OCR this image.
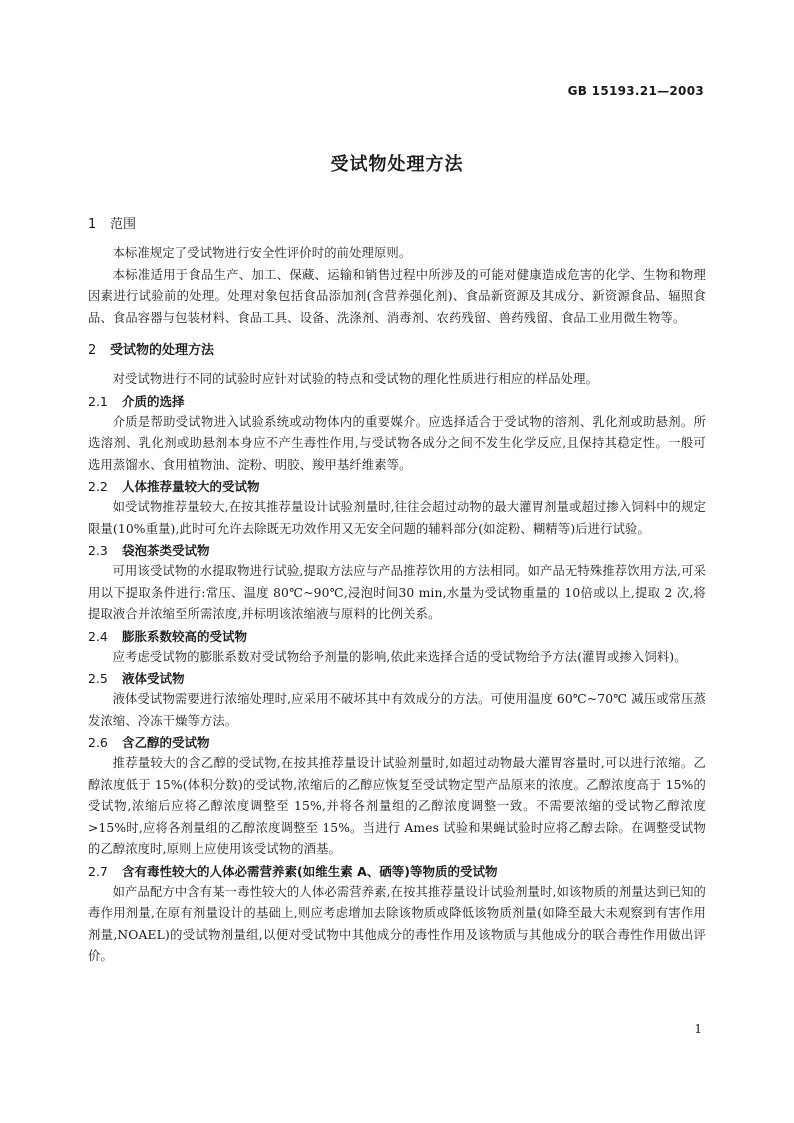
GB 15193.21—2003
受试物处理方法
1 范围

本标准规定了受试物进行安全性评价时的前处理原则。

本标准适用于食品生产、加工、保藏、运输和销售过程中所涉及的可能对健康造成危害的化学、生物和物理因素进行试验前的处理。处理对象包括食品添加剂(含营养强化剂)、食品新资源及其成分、新资源食品、辐照食品、食品容器与包装材料、食品工具、设备、洗涤剂、消毒剂、农药残留、兽药残留、食品工业用微生物等。

2 受试物的处理方法

对受试物进行不同的试验时应针对试验的特点和受试物的理化性质进行相应的样品处理。

2.1 介质的选择

介质是帮助受试物进入试验系统或动物体内的重要媒介。应选择适合于受试物的溶剂、乳化剂或助悬剂。所选溶剂、乳化剂或助悬剂本身应不产生毒性作用,与受试物各成分之间不发生化学反应,且保持其稳定性。一般可选用蒸馏水、食用植物油、淀粉、明胶、羧甲基纤维素等。

2.2 人体推荐量较大的受试物

如受试物推荐量较大,在按其推荐量设计试验剂量时,往往会超过动物的最大灌胃剂量或超过掺入饲料中的规定限量(10%重量),此时可允许去除既无功效作用又无安全问题的辅料部分(如淀粉、糊精等)后进行试验。

2.3 袋泡茶类受试物

可用该受试物的水提取物进行试验,提取方法应与产品推荐饮用的方法相同。如产品无特殊推荐饮用方法,可采用以下提取条件进行:常压、温度 80℃~90℃,浸泡时间30 min,水量为受试物重量的 10倍或以上,提取 2 次,将提取液合并浓缩至所需浓度,并标明该浓缩液与原料的比例关系。

2.4 膨胀系数较高的受试物

应考虑受试物的膨胀系数对受试物给予剂量的影响,依此来选择合适的受试物给予方法(灌胃或掺入饲料)。

2.5 液体受试物

液体受试物需要进行浓缩处理时,应采用不破坏其中有效成分的方法。可使用温度 60℃~70℃ 减压或常压蒸发浓缩、冷冻干燥等方法。

2.6 含乙醇的受试物

推荐量较大的含乙醇的受试物,在按其推荐量设计试验剂量时,如超过动物最大灌胃容量时,可以进行浓缩。乙醇浓度低于 15%(体积分数)的受试物,浓缩后的乙醇应恢复至受试物定型产品原来的浓度。乙醇浓度高于 15%的受试物,浓缩后应将乙醇浓度调整至 15%,并将各剂量组的乙醇浓度调整一致。不需要浓缩的受试物乙醇浓度>15%时,应将各剂量组的乙醇浓度调整至 15%。当进行 Ames 试验和果蝇试验时应将乙醇去除。在调整受试物的乙醇浓度时,原则上应使用该受试物的酒基。

2.7 含有毒性较大的人体必需营养素(如维生素 A、硒等)等物质的受试物

如产品配方中含有某一毒性较大的人体必需营养素,在按其推荐量设计试验剂量时,如该物质的剂量达到已知的毒作用剂量,在原有剂量设计的基础上,则应考虑增加去除该物质或降低该物质剂量(如降至最大未观察到有害作用剂量,NOAEL)的受试物剂量组,以便对受试物中其他成分的毒性作用及该物质与其他成分的联合毒性作用做出评价。

1
